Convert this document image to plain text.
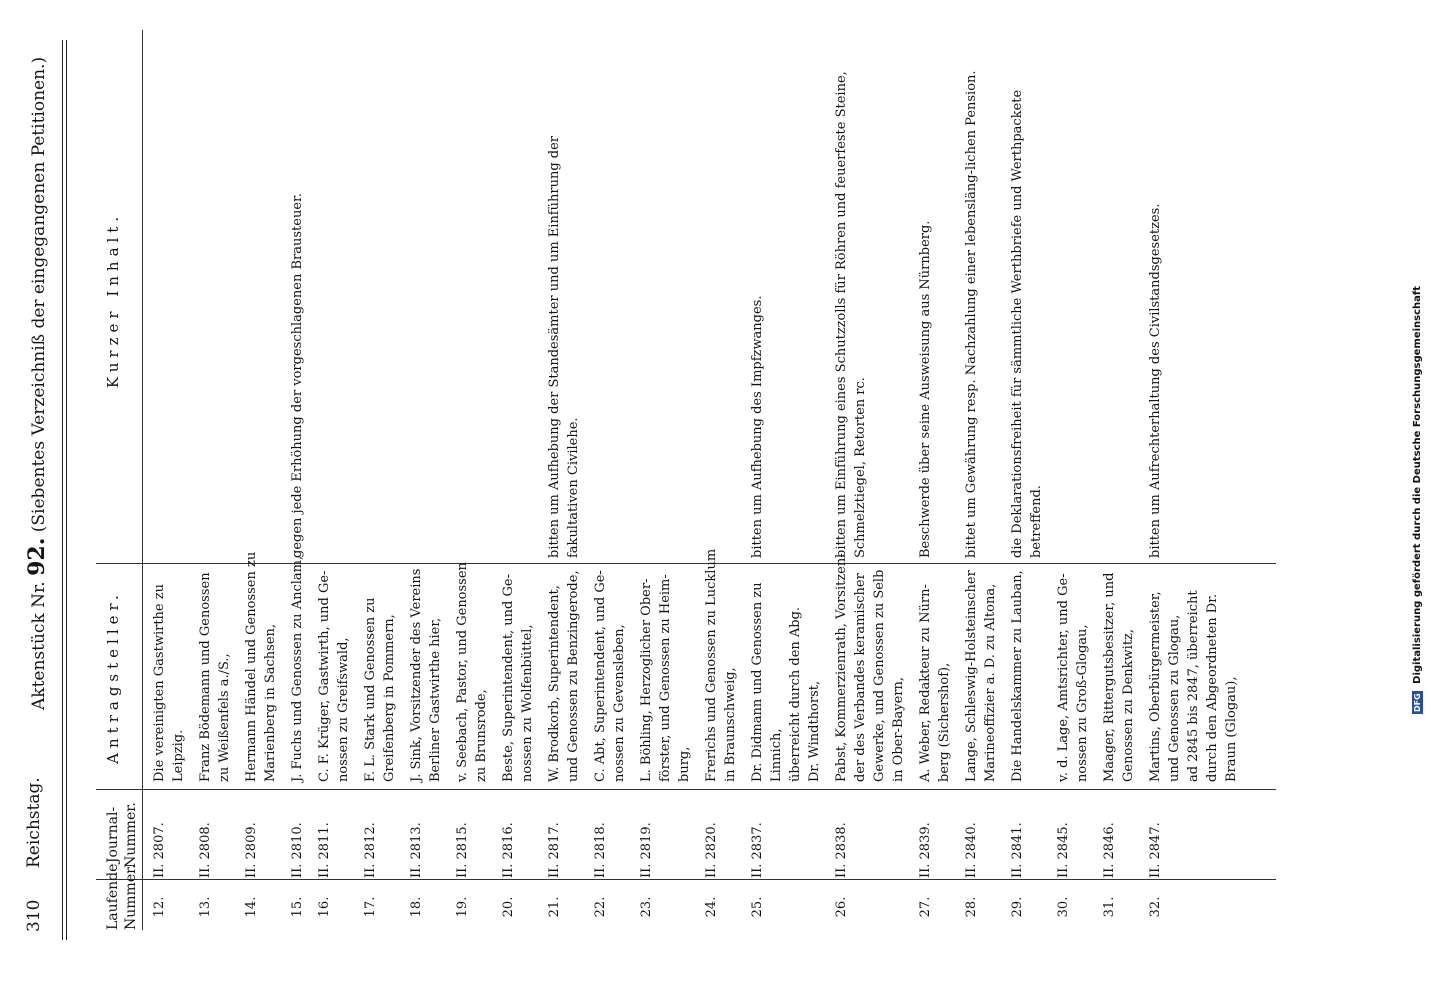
310
Reichstag.
Aktenstück Nr. 92. (Siebentes Verzeichniß der eingegangenen Petitionen.)
Laufende Nummer.
Journal-Nummer.
Antragsteller.
Kurzer Inhalt.
12.
II. 2807.
Die vereinigten Gastwirthe zu Leipzig.
13.
II. 2808.
Franz Bödemann und Genossen zu Weißenfels a./S.,
14.
II. 2809.
Hermann Händel und Genossen zu Marienberg in Sachsen,
15.
II. 2810.
J. Fuchs und Genossen zu Anclam,
gegen jede Erhöhung der vorgeschlagenen Brausteuer.
16.
II. 2811.
C. F. Krüger, Gastwirth, und Ge- nossen zu Greifswald,
17.
II. 2812.
F. L. Stark und Genossen zu Greifenberg in Pommern,
18.
II. 2813.
J. Sink, Vorsitzender des Vereins Berliner Gastwirthe hier,
19.
II. 2815.
v. Seebach, Pastor, und Genossen zu Brunsrode,
20.
II. 2816.
Beste, Superintendent, und Ge- nossen zu Wolfenbüttel,
21.
II. 2817.
W. Brodkorb, Superintendent, und Genossen zu Benzingerode,
bitten um Aufhebung der Standesämter und um Einführung der fakultativen Civilehe.
22.
II. 2818.
C. Abt, Superintendent, und Ge- nossen zu Gevensleben,
23.
II. 2819.
L. Böhling, Herzoglicher Ober- förster, und Genossen zu Heim- burg,
24.
II. 2820.
Frerichs und Genossen zu Lucklum in Braunschweig,
25.
II. 2837.
Dr. Didmann und Genossen zu Linnich, überreicht durch den Abg. Dr. Windthorst,
bitten um Aufhebung des Impfzwanges.
26.
II. 2838.
Pabst, Kommerzienrath, Vorsitzen- der des Verbandes keramischer Gewerke, und Genossen zu Selb in Ober-Bayern,
bitten um Einführung eines Schutzzolls für Röhren und feuerfeste Steine, Schmelztiegel, Retorten rc.
27.
II. 2839.
A. Weber, Redakteur zu Nürn- berg (Sichershof),
Beschwerde über seine Ausweisung aus Nürnberg.
28.
II. 2840.
Lange, Schleswig-Holsteinscher Marineoffizier a. D. zu Altona,
bittet um Gewährung resp. Nachzahlung einer lebensläng-lichen Pension.
29.
II. 2841.
Die Handelskammer zu Lauban,
die Deklarationsfreiheit für sämmtliche Werthbriefe und Werthpackete betreffend.
30.
II. 2845.
v. d. Lage, Amtsrichter, und Ge- nossen zu Groß-Glogau,
31.
II. 2846.
Maager, Rittergutsbesitzer, und Genossen zu Denkwitz,
32.
II. 2847.
Martins, Oberbürgermeister, und Genossen zu Glogau, ad 2845 bis 2847, überreicht durch den Abgeordneten Dr. Braun (Glogau),
bitten um Aufrechterhaltung des Civilstandsgesetzes.
DFG Digitalisierung gefördert durch die Deutsche Forschungsgemeinschaft
